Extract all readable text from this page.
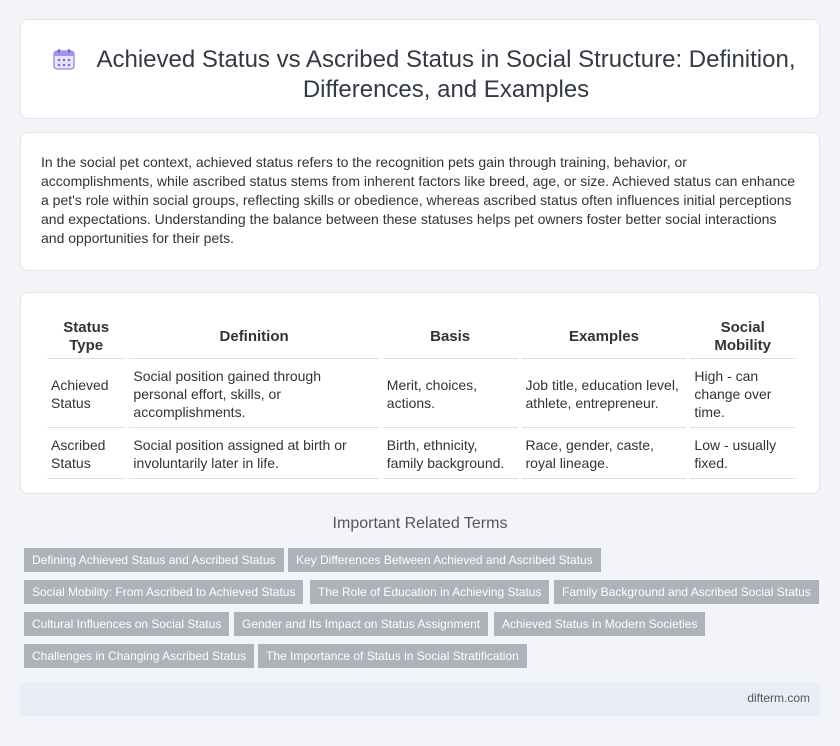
Achieved Status vs Ascribed Status in Social Structure: Definition, Differences, and Examples

In the social pet context, achieved status refers to the recognition pets gain through training, behavior, or accomplishments, while ascribed status stems from inherent factors like breed, age, or size. Achieved status can enhance a pet's role within social groups, reflecting skills or obedience, whereas ascribed status often influences initial perceptions and expectations. Understanding the balance between these statuses helps pet owners foster better social interactions and opportunities for their pets.

Status Type	Definition	Basis	Examples	Social Mobility
Achieved Status	Social position gained through personal effort, skills, or accomplishments.	Merit, choices, actions.	Job title, education level, athlete, entrepreneur.	High - can change over time.
Ascribed Status	Social position assigned at birth or involuntarily later in life.	Birth, ethnicity, family background.	Race, gender, caste, royal lineage.	Low - usually fixed.
Important Related Terms
Defining Achieved Status and Ascribed Status	Key Differences Between Achieved and Ascribed Status
Social Mobility: From Ascribed to Achieved Status	The Role of Education in Achieving Status	Family Background and Ascribed Social Status
Cultural Influences on Social Status	Gender and Its Impact on Status Assignment	Achieved Status in Modern Societies
Challenges in Changing Ascribed Status	The Importance of Status in Social Stratification
difterm.com
